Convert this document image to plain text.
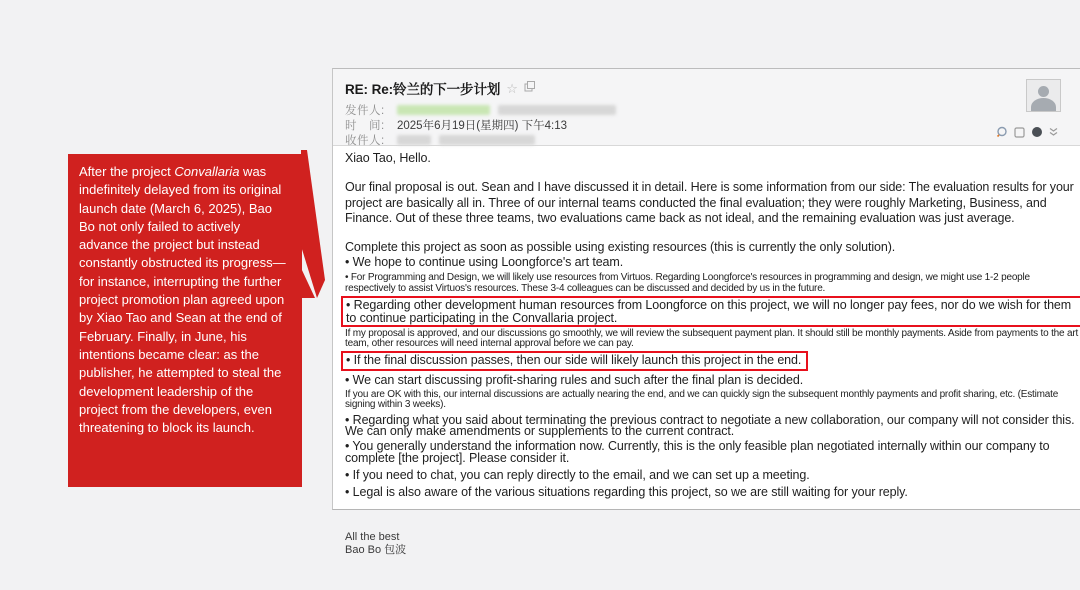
After the project Convallaria was indefinitely delayed from its original launch date (March 6, 2025), Bao Bo not only failed to actively advance the project but instead constantly obstructed its progress—for instance, interrupting the further project promotion plan agreed upon by Xiao Tao and Sean at the end of February. Finally, in June, his intentions became clear: as the publisher, he attempted to steal the development leadership of the project from the developers, even threatening to block its launch.
RE: Re:铃兰的下一步计划 ☆
发件人:
时　间:	2025年6月19日(星期四) 下午4:13
收件人:

Xiao Tao, Hello.

Our final proposal is out. Sean and I have discussed it in detail. Here is some information from our side: The evaluation results for your project are basically all in. Three of our internal teams conducted the final evaluation; they were roughly Marketing, Business, and Finance. Out of these three teams, two evaluations came back as not ideal, and the remaining evaluation was just average.

Complete this project as soon as possible using existing resources (this is currently the only solution).

• We hope to continue using Loongforce's art team.

• For Programming and Design, we will likely use resources from Virtuos. Regarding Loongforce's resources in programming and design, we might use 1-2 people respectively to assist Virtuos's resources. These 3-4 colleagues can be discussed and decided by us in the future.

• Regarding other development human resources from Loongforce on this project, we will no longer pay fees, nor do we wish for them to continue participating in the Convallaria project.

If my proposal is approved, and our discussions go smoothly, we will review the subsequent payment plan. It should still be monthly payments. Aside from payments to the art team, other resources will need internal approval before we can pay.

• If the final discussion passes, then our side will likely launch this project in the end.

• We can start discussing profit-sharing rules and such after the final plan is decided.

If you are OK with this, our internal discussions are actually nearing the end, and we can quickly sign the subsequent monthly payments and profit sharing, etc. (Estimate signing within 3 weeks).

• Regarding what you said about terminating the previous contract to negotiate a new collaboration, our company will not consider this. We can only make amendments or supplements to the current contract.

• You generally understand the information now. Currently, this is the only feasible plan negotiated internally within our company to complete [the project]. Please consider it.

• If you need to chat, you can reply directly to the email, and we can set up a meeting.

• Legal is also aware of the various situations regarding this project, so we are still waiting for your reply.

All the best
Bao Bo 包波
